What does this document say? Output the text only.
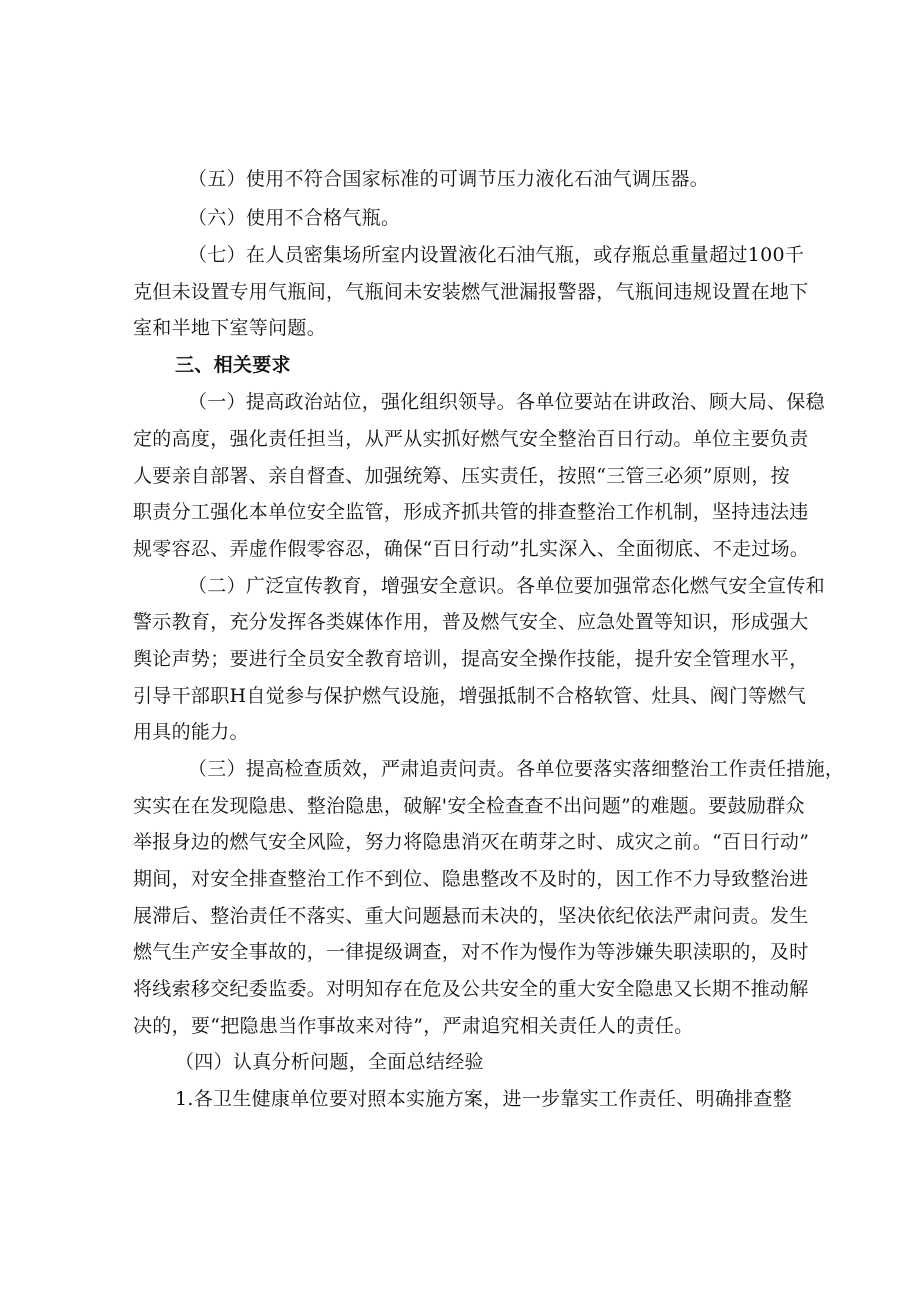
（五）使用不符合国家标准的可调节压力液化石油气调压器。

（六）使用不合格气瓶。

（七）在人员密集场所室内设置液化石油气瓶，或存瓶总重量超过100千

克但未设置专用气瓶间，气瓶间未安装燃气泄漏报警器，气瓶间违规设置在地下

室和半地下室等问题。

三、相关要求

（一）提高政治站位，强化组织领导。各单位要站在讲政治、顾大局、保稳

定的高度，强化责任担当，从严从实抓好燃气安全整治百日行动。单位主要负责

人要亲自部署、亲自督查、加强统筹、压实责任，按照“三管三必须”原则，按

职责分工强化本单位安全监管，形成齐抓共管的排查整治工作机制，坚持违法违

规零容忍、弄虚作假零容忍，确保“百日行动”扎实深入、全面彻底、不走过场。

（二）广泛宣传教育，增强安全意识。各单位要加强常态化燃气安全宣传和

警示教育，充分发挥各类媒体作用，普及燃气安全、应急处置等知识，形成强大

舆论声势；要进行全员安全教育培训，提高安全操作技能，提升安全管理水平，

引导干部职H自觉参与保护燃气设施，增强抵制不合格软管、灶具、阀门等燃气

用具的能力。

（三）提高检查质效，严肃追责问责。各单位要落实落细整治工作责任措施，

实实在在发现隐患、整治隐患，破解'安全检查查不出问题”的难题。要鼓励群众

举报身边的燃气安全风险，努力将隐患消灭在萌芽之时、成灾之前。“百日行动”

期间，对安全排查整治工作不到位、隐患整改不及时的，因工作不力导致整治进

展滞后、整治责任不落实、重大问题悬而未决的，坚决依纪依法严肃问责。发生

燃气生产安全事故的，一律提级调查，对不作为慢作为等涉嫌失职渎职的，及时

将线索移交纪委监委。对明知存在危及公共安全的重大安全隐患又长期不推动解

决的，要“把隐患当作事故来对待”，严肃追究相关责任人的责任。

（四）认真分析问题，全面总结经验

1.各卫生健康单位要对照本实施方案，进一步靠实工作责任、明确排查整
